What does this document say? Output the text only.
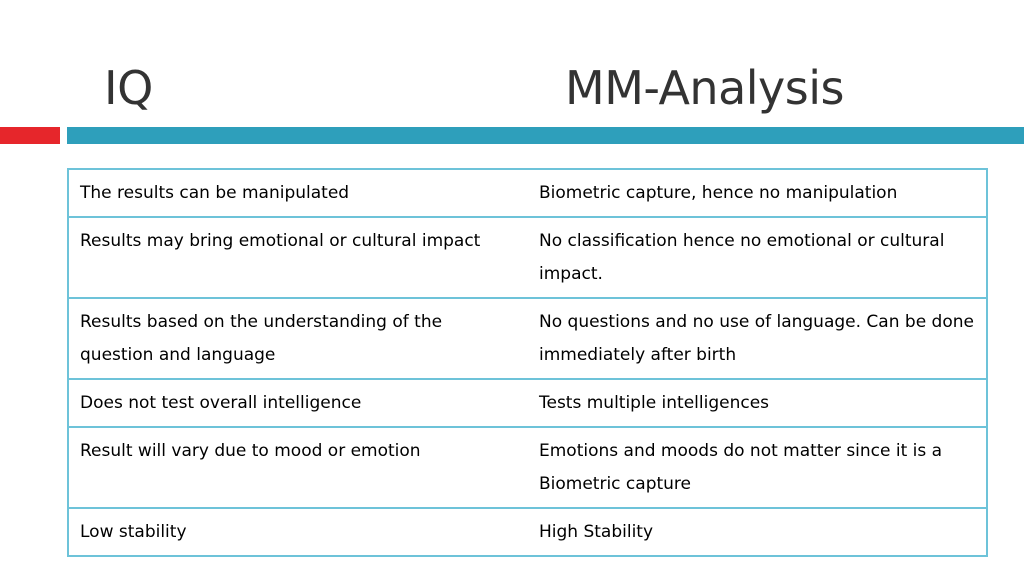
IQ	MM-Analysis
The results can be manipulated	Biometric capture, hence no manipulation
Results may bring emotional or cultural impact	No classification hence no emotional or cultural impact.
Results based on the understanding of the question and language	No questions and no use of language. Can be done immediately after birth
Does not test overall intelligence	Tests multiple intelligences
Result will vary due to mood or emotion	Emotions and moods do not matter since it is a Biometric capture
Low stability	High Stability
